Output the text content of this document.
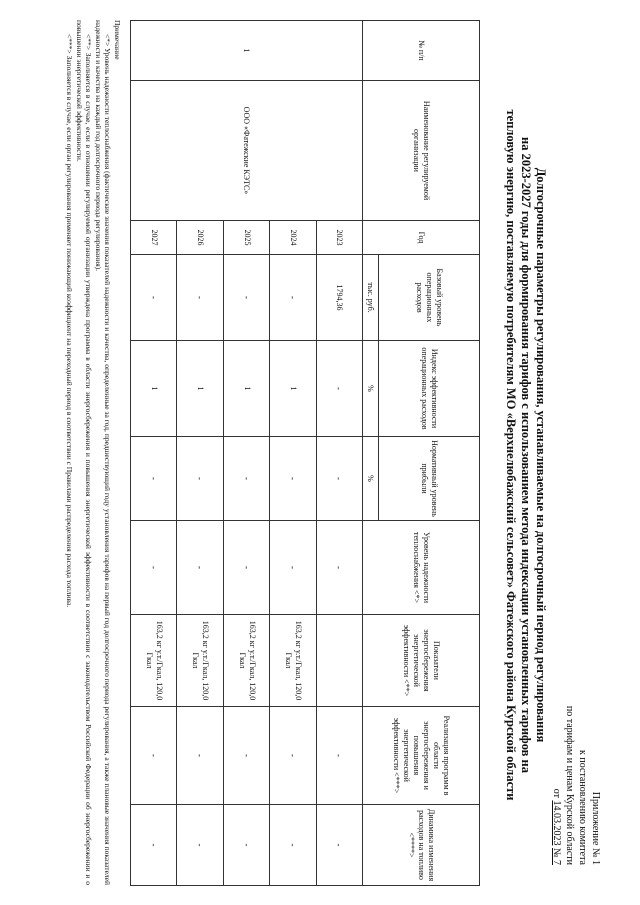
Приложение № 1
к постановлению комитета
по тарифам и ценам Курской области
от 14.03.2023 № 7
Долгосрочные параметры регулирования, устанавливаемые на долгосрочный период регулирования
на 2023-2027 годы для формирования тарифов с использованием метода индексации установленных тарифов на
тепловую энергию, поставляемую потребителям МО «Верхнелюбажский сельсовет» Фатежского района Курской области
№ п/п	Наименование регулируемой организации	Год	Базовый уровень операционных расходов	Индекс эффективности операционных расходов	Нормативный уровень прибыли	Уровень надежности теплоснабжения <*>	Показатели энергосбережения энергетической эффективности <**>	Реализация программ в области энергосбережения и повышения энергетической эффективности <***>	Динамика изменения расходов на топливо <****>
			тыс. руб.	%	%				
1	ООО «Фатежские КЭТС»	2023	1794,36	-	-	-		-	-
		2024	-	1	-	-	163,2 кг у.т./Гкал, 120,0 Гкал	-	-
		2025	-	1	-	-	163,2 кг у.т./Гкал, 120,0 Гкал	-	-
		2026	-	1	-	-	163,2 кг у.т./Гкал, 120,0 Гкал	-	-
		2027	-	1	-	-	163,2 кг у.т./Гкал, 120,0 Гкал	-	-

Примечание

<*> Уровень надежности теплоснабжения (фактические значения показателей надежности и качества, определенные за год, предшествующий году установления тарифов на первый год долгосрочного периода регулирования, а также плановые значения показателей надежности и качества на каждый год долгосрочного периода регулирования).

<**> Заполняется в случае, если в отношении регулируемой организации утверждена программа в области энергосбережения и повышения энергетической эффективности в соответствии с законодательством Российской Федерации об энергосбережении и о повышении энергетической эффективности.

<***> Заполняется в случае, если орган регулирования применяет понижающий коэффициент на переходный период в соответствии с Правилами распределения расхода топлива.
